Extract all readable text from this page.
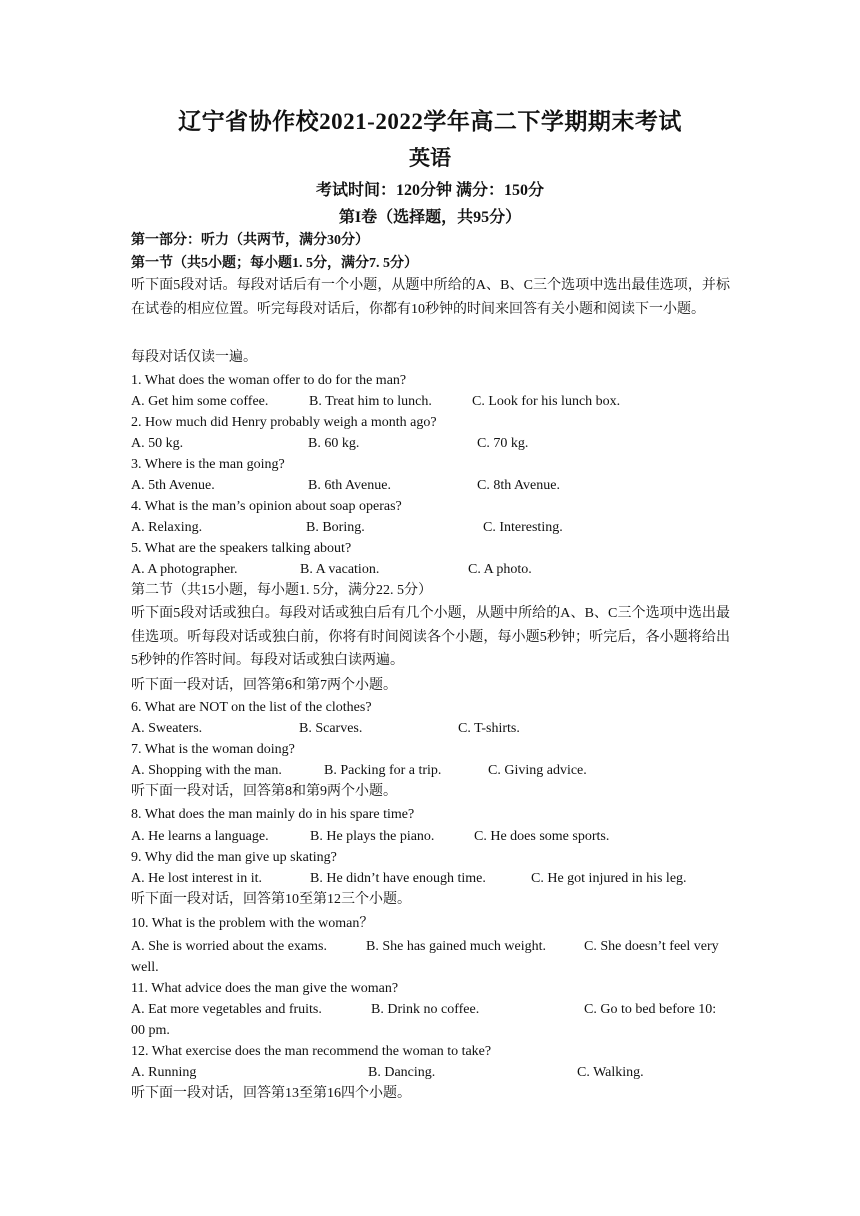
辽宁省协作校2021-2022学年高二下学期期末考试
英语
考试时间：120分钟 满分：150分
第I卷（选择题，共95分）
第一部分：听力（共两节，满分30分）
第一节（共5小题；每小题1. 5分，满分7. 5分）
听下面5段对话。每段对话后有一个小题，从题中所给的A、B、C三个选项中选出最佳选项，并标在试卷的相应位置。听完每段对话后，你都有10秒钟的时间来回答有关小题和阅读下一小题。
每段对话仅读一遍。
1. What does the woman offer to do for the man?
A. Get him some coffee.	B. Treat him to lunch.	C. Look for his lunch box.
2. How much did Henry probably weigh a month ago?
A. 50 kg.	B. 60 kg.	C. 70 kg.
3. Where is the man going?
A. 5th Avenue.	B. 6th Avenue.	C. 8th Avenue.
4. What is the man’s opinion about soap operas?
A. Relaxing.	B. Boring.	C. Interesting.
5. What are the speakers talking about?
A. A photographer.	B. A vacation.	C. A photo.
第二节（共15小题，每小题1. 5分，满分22. 5分）
听下面5段对话或独白。每段对话或独白后有几个小题，从题中所给的A、B、C三个选项中选出最佳选项。听每段对话或独白前，你将有时间阅读各个小题，每小题5秒钟；听完后，各小题将给出5秒钟的作答时间。每段对话或独白读两遍。
听下面一段对话，回答第6和第7两个小题。
6. What are NOT on the list of the clothes?
A. Sweaters.	B. Scarves.	C. T-shirts.
7. What is the woman doing?
A. Shopping with the man.	B. Packing for a trip.	C. Giving advice.
听下面一段对话，回答第8和第9两个小题。
8. What does the man mainly do in his spare time?
A. He learns a language.	B. He plays the piano.	C. He does some sports.
9. Why did the man give up skating?
A. He lost interest in it.	B. He didn’t have enough time.	C. He got injured in his leg.
听下面一段对话，回答第10至第12三个小题。
10. What is the problem with the woman？
A. She is worried about the exams.	B. She has gained much weight.	C. She doesn’t feel very
well.
11. What advice does the man give the woman?
A. Eat more vegetables and fruits.	B. Drink no coffee.	C. Go to bed before 10:
00 pm.
12. What exercise does the man recommend the woman to take?
A. Running	B. Dancing.	C. Walking.
听下面一段对话，回答第13至第16四个小题。
